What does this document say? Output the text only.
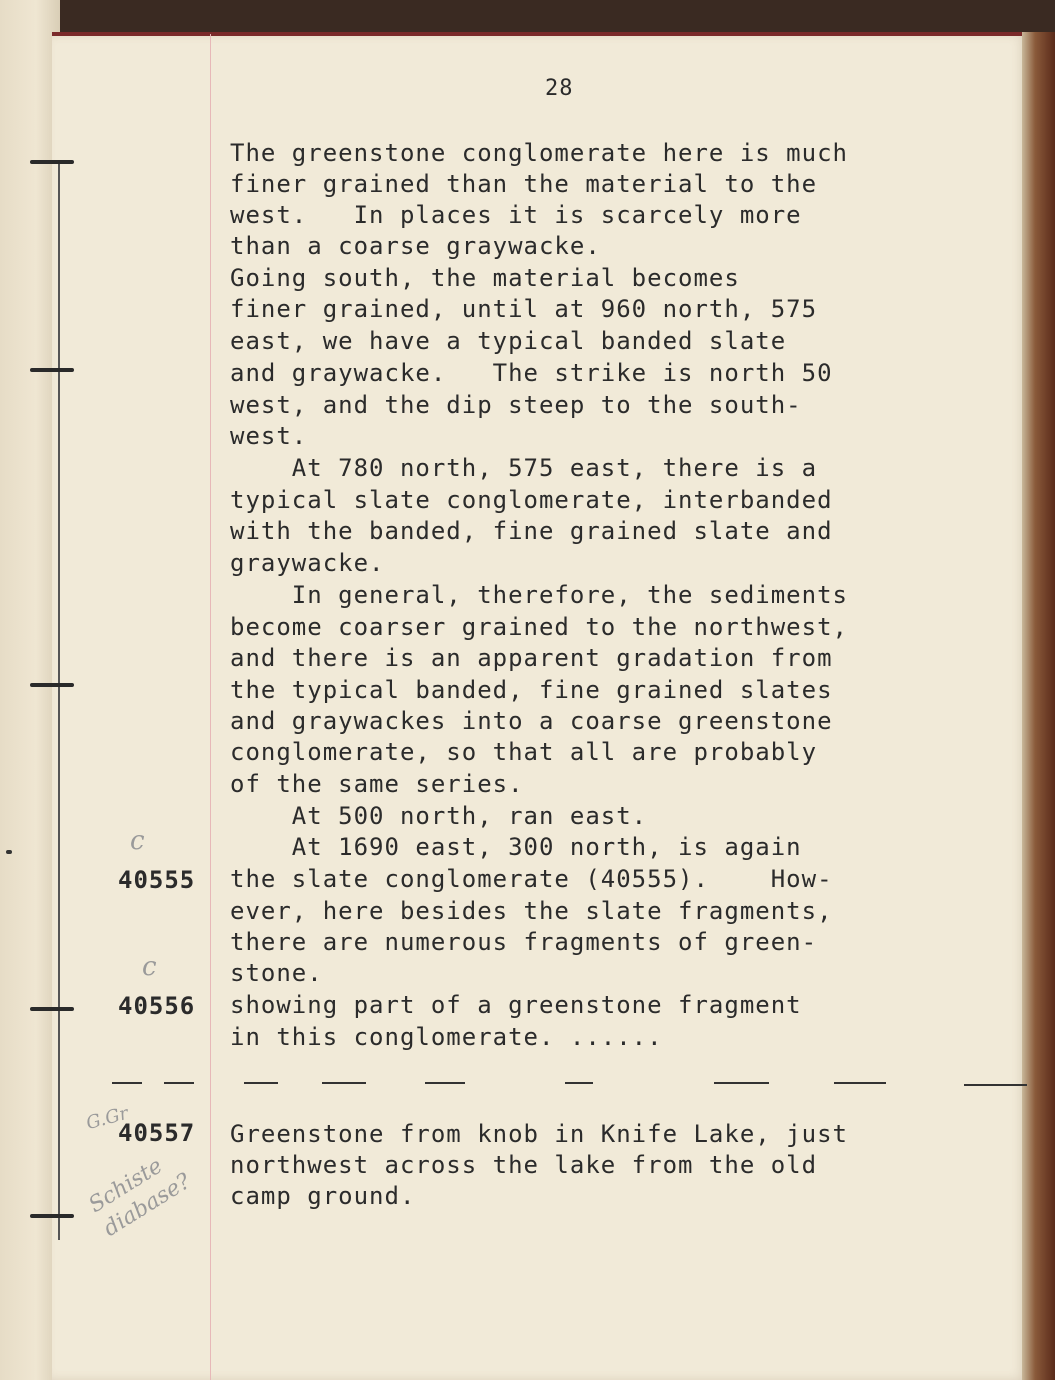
28
The greenstone conglomerate here is much
finer grained than the material to the
west.   In places it is scarcely more
than a coarse graywacke.
Going south, the material becomes
finer grained, until at 960 north, 575
east, we have a typical banded slate
and graywacke.   The strike is north 50
west, and the dip steep to the south-
west.
At 780 north, 575 east, there is a
typical slate conglomerate, interbanded
with the banded, fine grained slate and
graywacke.
In general, therefore, the sediments
become coarser grained to the northwest,
and there is an apparent gradation from
the typical banded, fine grained slates
and graywackes into a coarse greenstone
conglomerate, so that all are probably
of the same series.
At 500 north, ran east.
At 1690 east, 300 north, is again
the slate conglomerate (40555).    How-
ever, here besides the slate fragments,
there are numerous fragments of green-
stone.
showing part of a greenstone fragment
in this conglomerate. ......
40555
40556
40557
c
c
G.Gr
Schiste diabase?
Greenstone from knob in Knife Lake, just
northwest across the lake from the old
camp ground.
